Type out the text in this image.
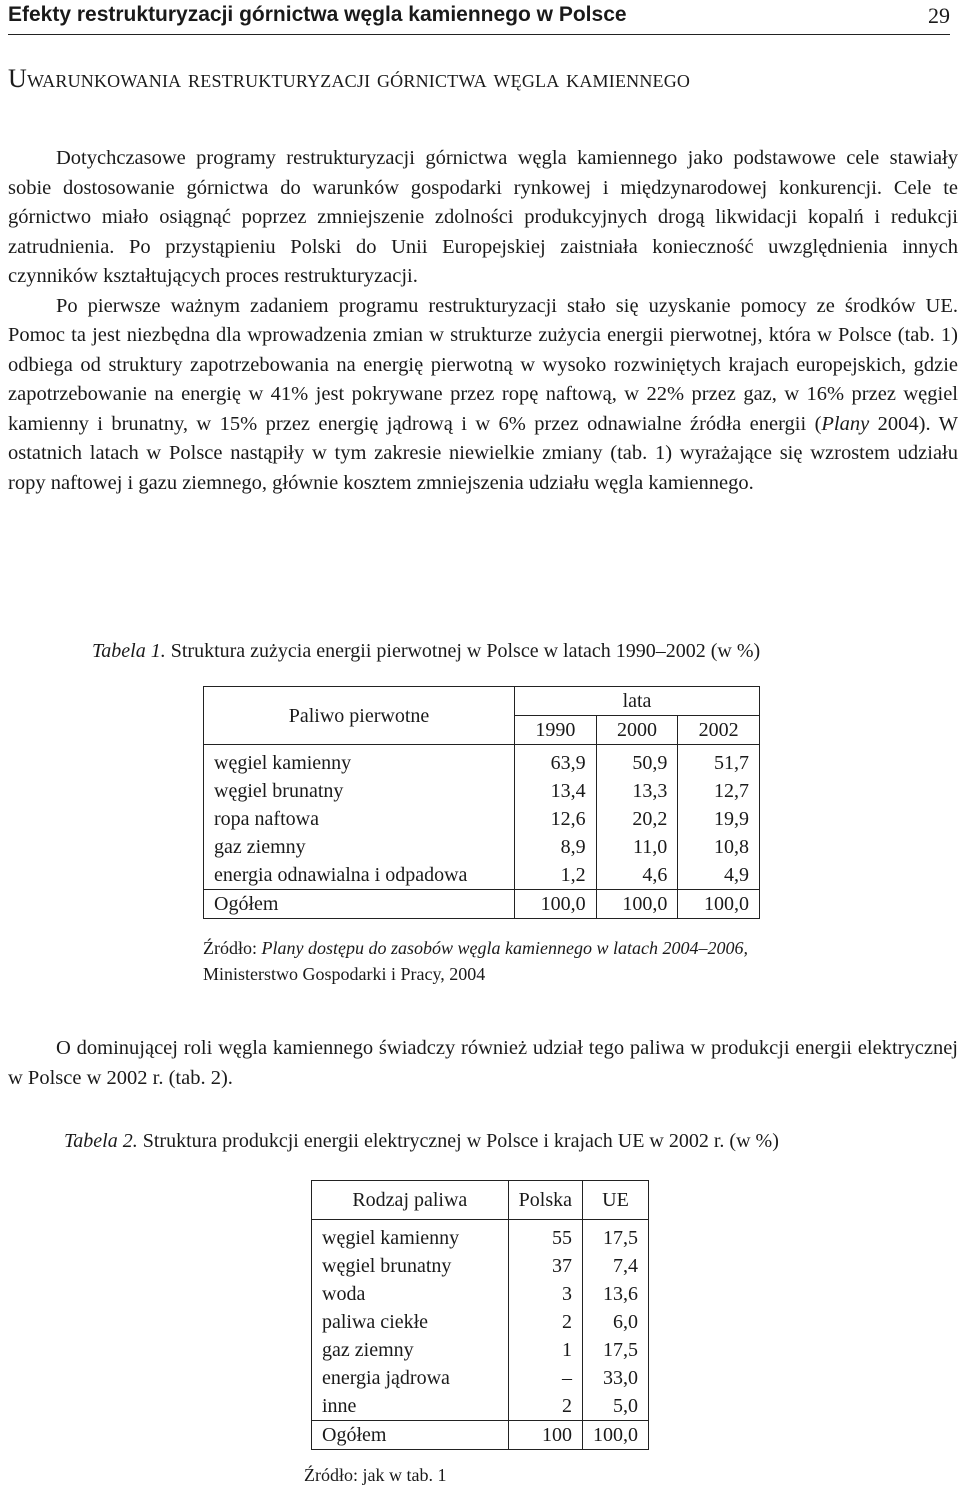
Efekty restrukturyzacji górnictwa węgla kamiennego w Polsce	29
Uwarunkowania restrukturyzacji górnictwa węgla kamiennego

Dotychczasowe programy restrukturyzacji górnictwa węgla kamiennego jako podstawowe cele stawiały sobie dostosowanie górnictwa do warunków gospodarki rynkowej i międzynarodowej konkurencji. Cele te górnictwo miało osiągnąć poprzez zmniejszenie zdolności produkcyjnych drogą likwidacji kopalń i redukcji zatrudnienia. Po przystąpieniu Polski do Unii Europejskiej zaistniała konieczność uwzględnienia innych czynników kształtujących proces restrukturyzacji.

Po pierwsze ważnym zadaniem programu restrukturyzacji stało się uzyskanie pomocy ze środków UE. Pomoc ta jest niezbędna dla wprowadzenia zmian w strukturze zużycia energii pierwotnej, która w Polsce (tab. 1) odbiega od struktury zapotrzebowania na energię pierwotną w wysoko rozwiniętych krajach europejskich, gdzie zapotrzebowanie na energię w 41% jest pokrywane przez ropę naftową, w 22% przez gaz, w 16% przez węgiel kamienny i brunatny, w 15% przez energię jądrową i w 6% przez odnawialne źródła energii (Plany 2004). W ostatnich latach w Polsce nastąpiły w tym zakresie niewielkie zmiany (tab. 1) wyrażające się wzrostem udziału ropy naftowej i gazu ziemnego, głównie kosztem zmniejszenia udziału węgla kamiennego.

Tabela 1. Struktura zużycia energii pierwotnej w Polsce w latach 1990–2002 (w %)
Paliwo pierwotne	lata		
	1990	2000	2002
węgiel kamienny	63,9	50,9	51,7
węgiel brunatny	13,4	13,3	12,7
ropa naftowa	12,6	20,2	19,9
gaz ziemny	8,9	11,0	10,8
energia odnawialna i odpadowa	1,2	4,6	4,9
Ogółem	100,0	100,0	100,0
Źródło: Plany dostępu do zasobów węgla kamiennego w latach 2004–2006,
Ministerstwo Gospodarki i Pracy, 2004

O dominującej roli węgla kamiennego świadczy również udział tego paliwa w produkcji energii elektrycznej w Polsce w 2002 r. (tab. 2).

Tabela 2. Struktura produkcji energii elektrycznej w Polsce i krajach UE w 2002 r. (w %)
Rodzaj paliwa	Polska	UE
węgiel kamienny	55	17,5
węgiel brunatny	37	7,4
woda	3	13,6
paliwa ciekłe	2	6,0
gaz ziemny	1	17,5
energia jądrowa	–	33,0
inne	2	5,0
Ogółem	100	100,0
Źródło: jak w tab. 1
